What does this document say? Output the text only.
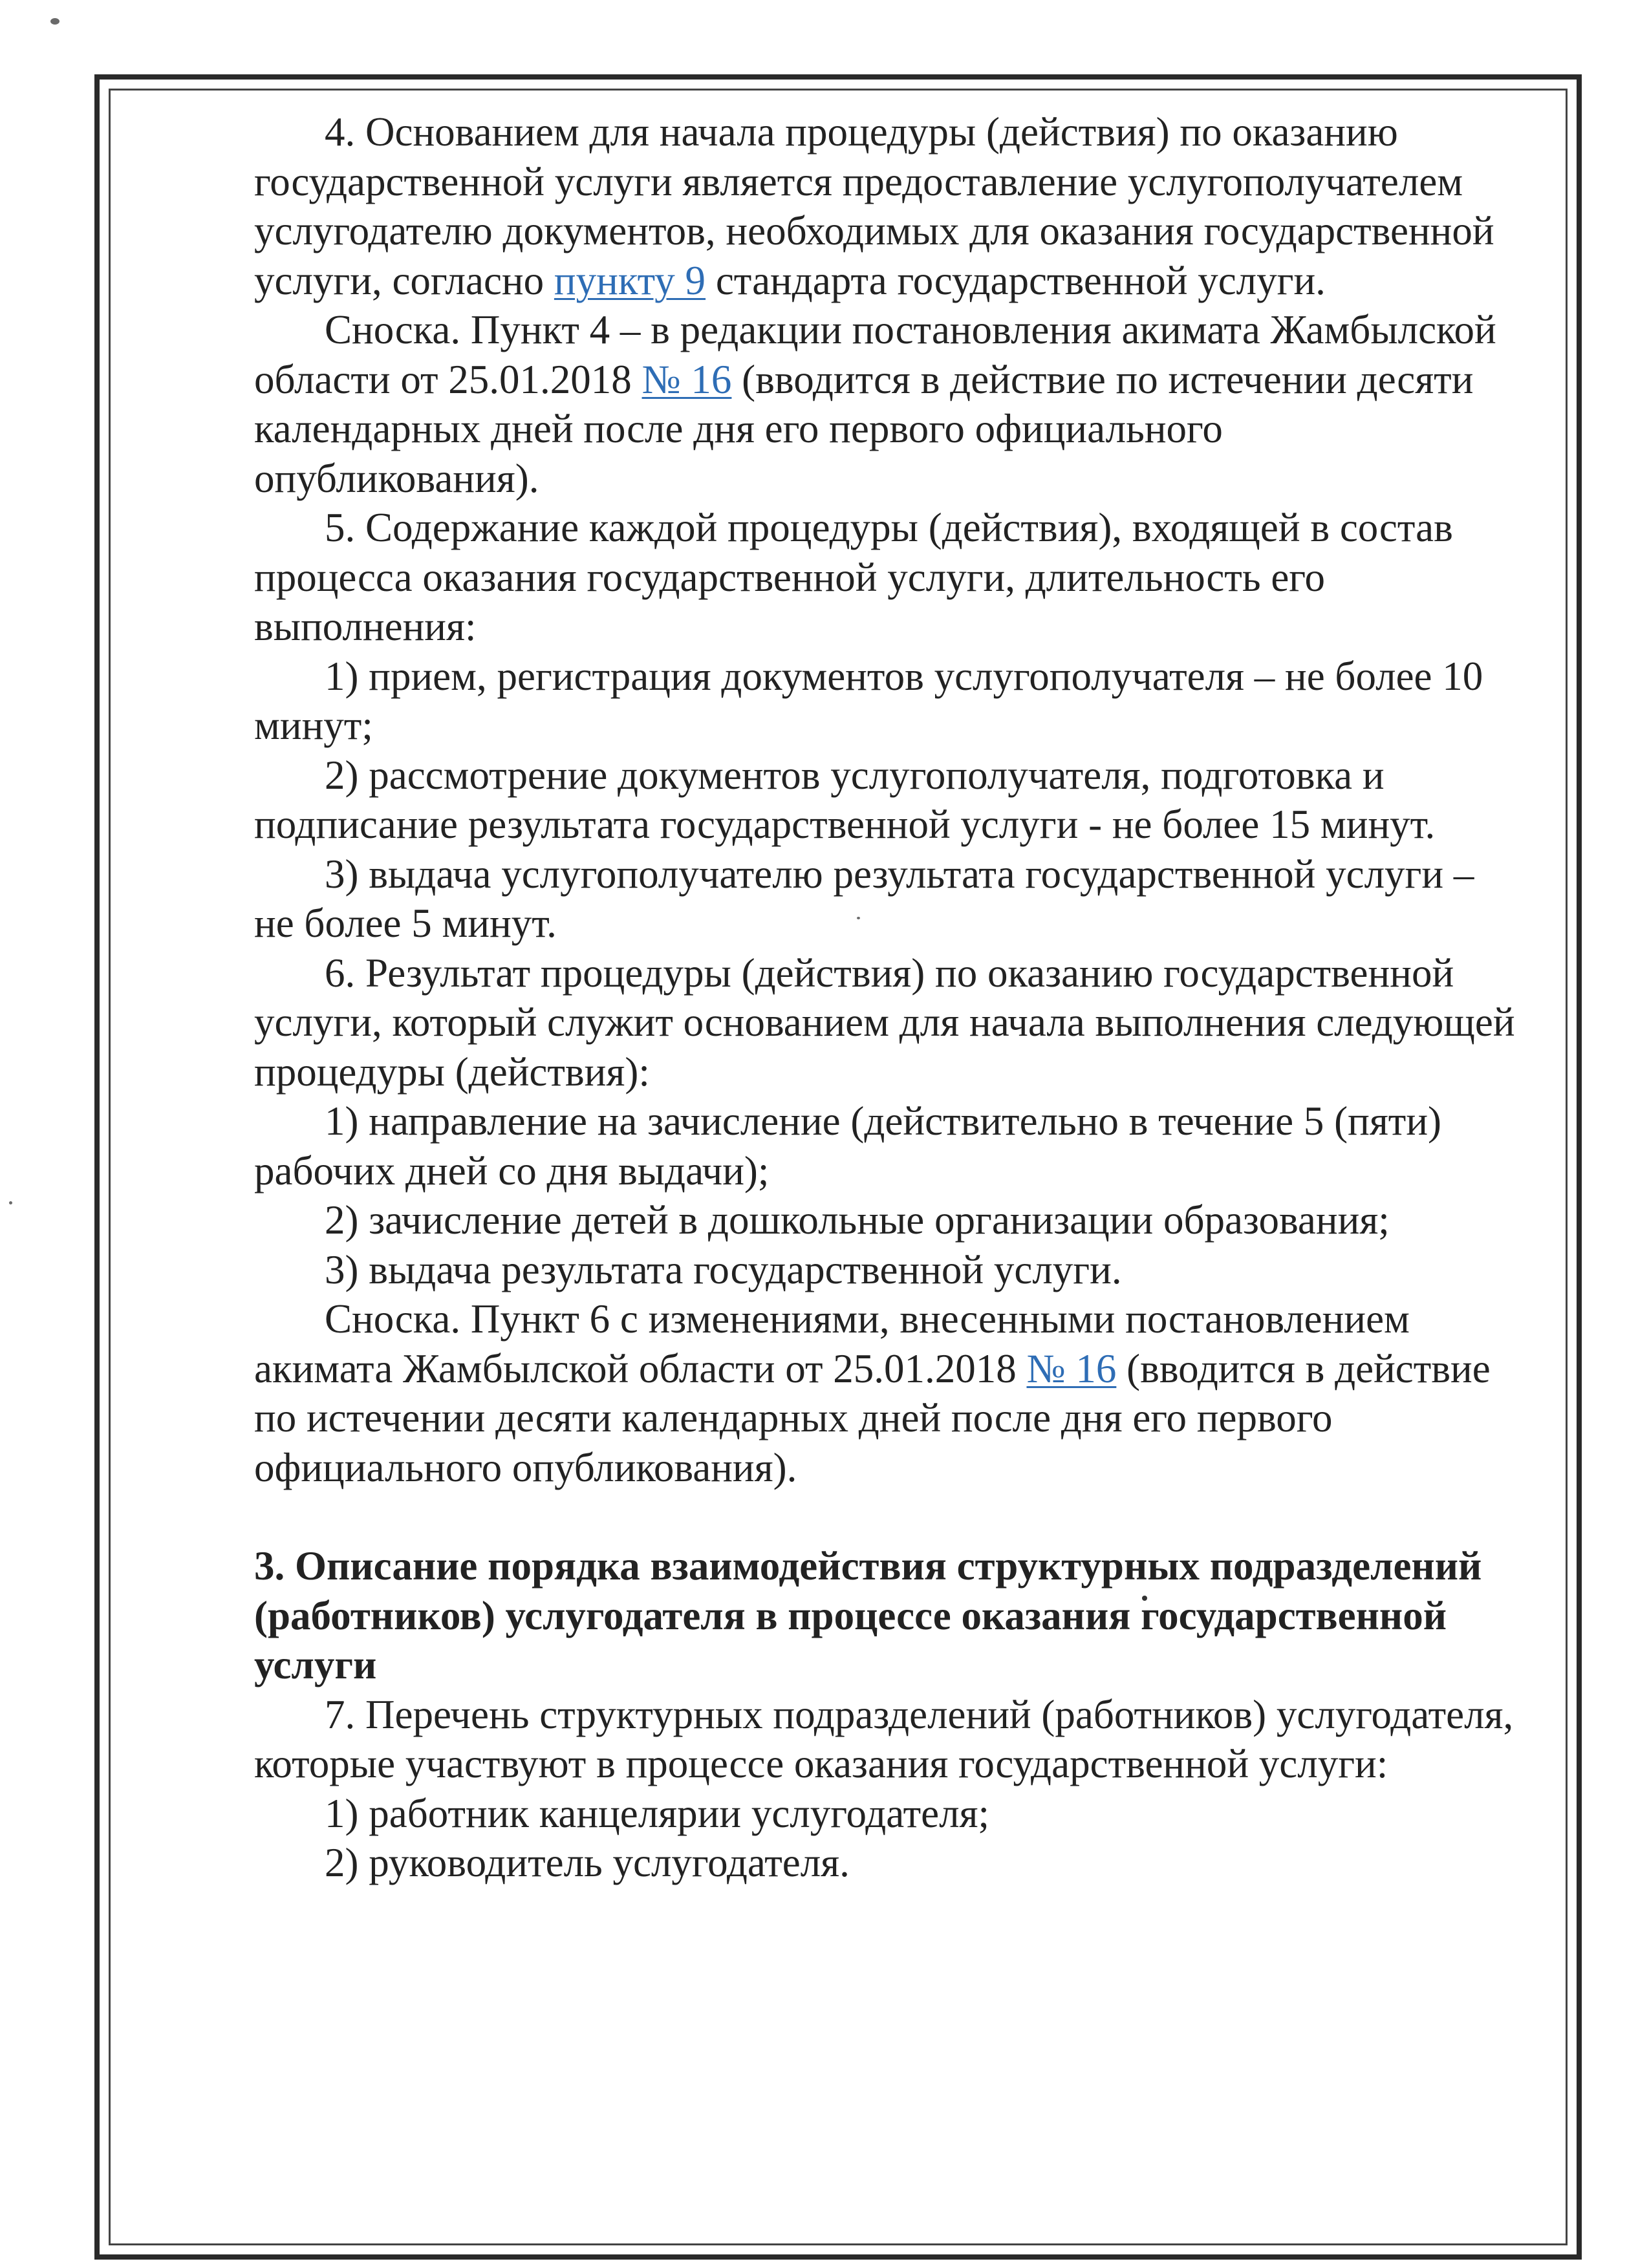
4. Основанием для начала процедуры (действия) по оказанию государственной услуги является предоставление услугополучателем услугодателю документов, необходимых для оказания государственной услуги, согласно пункту 9 стандарта государственной услуги.

Сноска. Пункт 4 – в редакции постановления акимата Жамбылской области от 25.01.2018 № 16 (вводится в действие по истечении десяти календарных дней после дня его первого официального опубликования).

5. Содержание каждой процедуры (действия), входящей в состав процесса оказания государственной услуги, длительность его выполнения:

1) прием, регистрация документов услугополучателя – не более 10 минут;

2) рассмотрение документов услугополучателя, подготовка и подписание результата государственной услуги - не более 15 минут.

3) выдача услугополучателю результата государственной услуги – не более 5 минут.

6. Результат процедуры (действия) по оказанию государственной услуги, который служит основанием для начала выполнения следующей процедуры (действия):

1) направление на зачисление (действительно в течение 5 (пяти) рабочих дней со дня выдачи);

2) зачисление детей в дошкольные организации образования;

3) выдача результата государственной услуги.

Сноска. Пункт 6 с изменениями, внесенными постановлением акимата Жамбылской области от 25.01.2018 № 16 (вводится в действие по истечении десяти календарных дней после дня его первого официального опубликования).

3. Описание порядка взаимодействия структурных подразделений (работников) услугодателя в процессе оказания государственной услуги

7. Перечень структурных подразделений (работников) услугодателя, которые участвуют в процессе оказания государственной услуги:

1) работник канцелярии услугодателя;

2) руководитель услугодателя.
